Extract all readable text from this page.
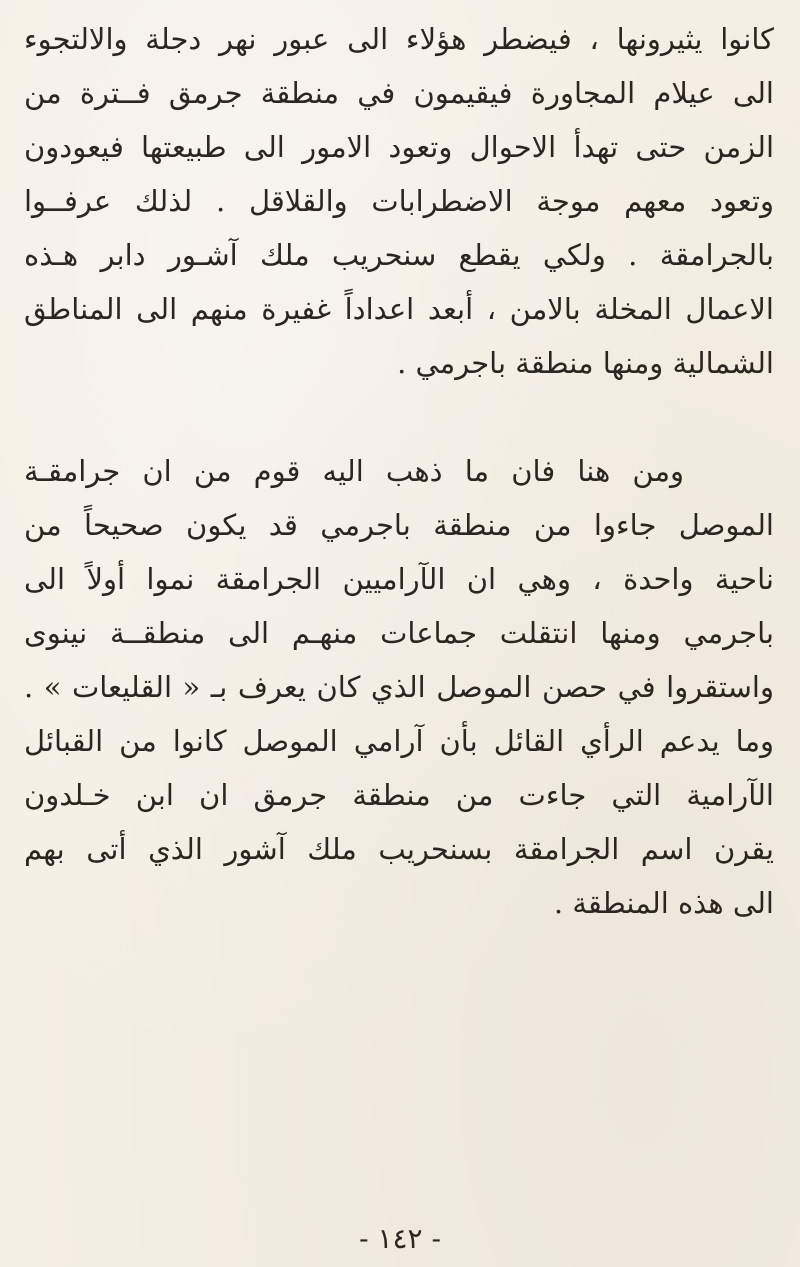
كانوا يثيرونها ، فيضطر هؤلاء الى عبور نهر دجلة والالتجوء
الى عيلام المجاورة فيقيمون في منطقة جرمق فــترة من
الزمن حتى تهدأ الاحوال وتعود الامور الى طبيعتها فيعودون
وتعود معهم موجة الاضطرابات والقلاقل . لذلك عرفــوا
بالجرامقة . ولكي يقطع سنحريب ملك آشـور دابر هـذه
الاعمال المخلة بالامن ، أبعد اعداداً غفيرة منهم الى المناطق
الشمالية ومنها منطقة باجرمي .
ومن هنا فان ما ذهب اليه قوم من ان جرامقـة
الموصل جاءوا من منطقة باجرمي قد يكون صحيحاً من
ناحية واحدة ، وهي ان الآراميين الجرامقة نموا أولاً الى
باجرمي ومنها انتقلت جماعات منهـم الى منطقــة نينوى
واستقروا في حصن الموصل الذي كان يعرف بـ « القليعات » .
وما يدعم الرأي القائل بأن آرامي الموصل كانوا من القبائل
الآرامية التي جاءت من منطقة جرمق ان ابن خـلدون
يقرن اسم الجرامقة بسنحريب ملك آشور الذي أتى بهم
الى هذه المنطقة .
- ١٤٢ -
